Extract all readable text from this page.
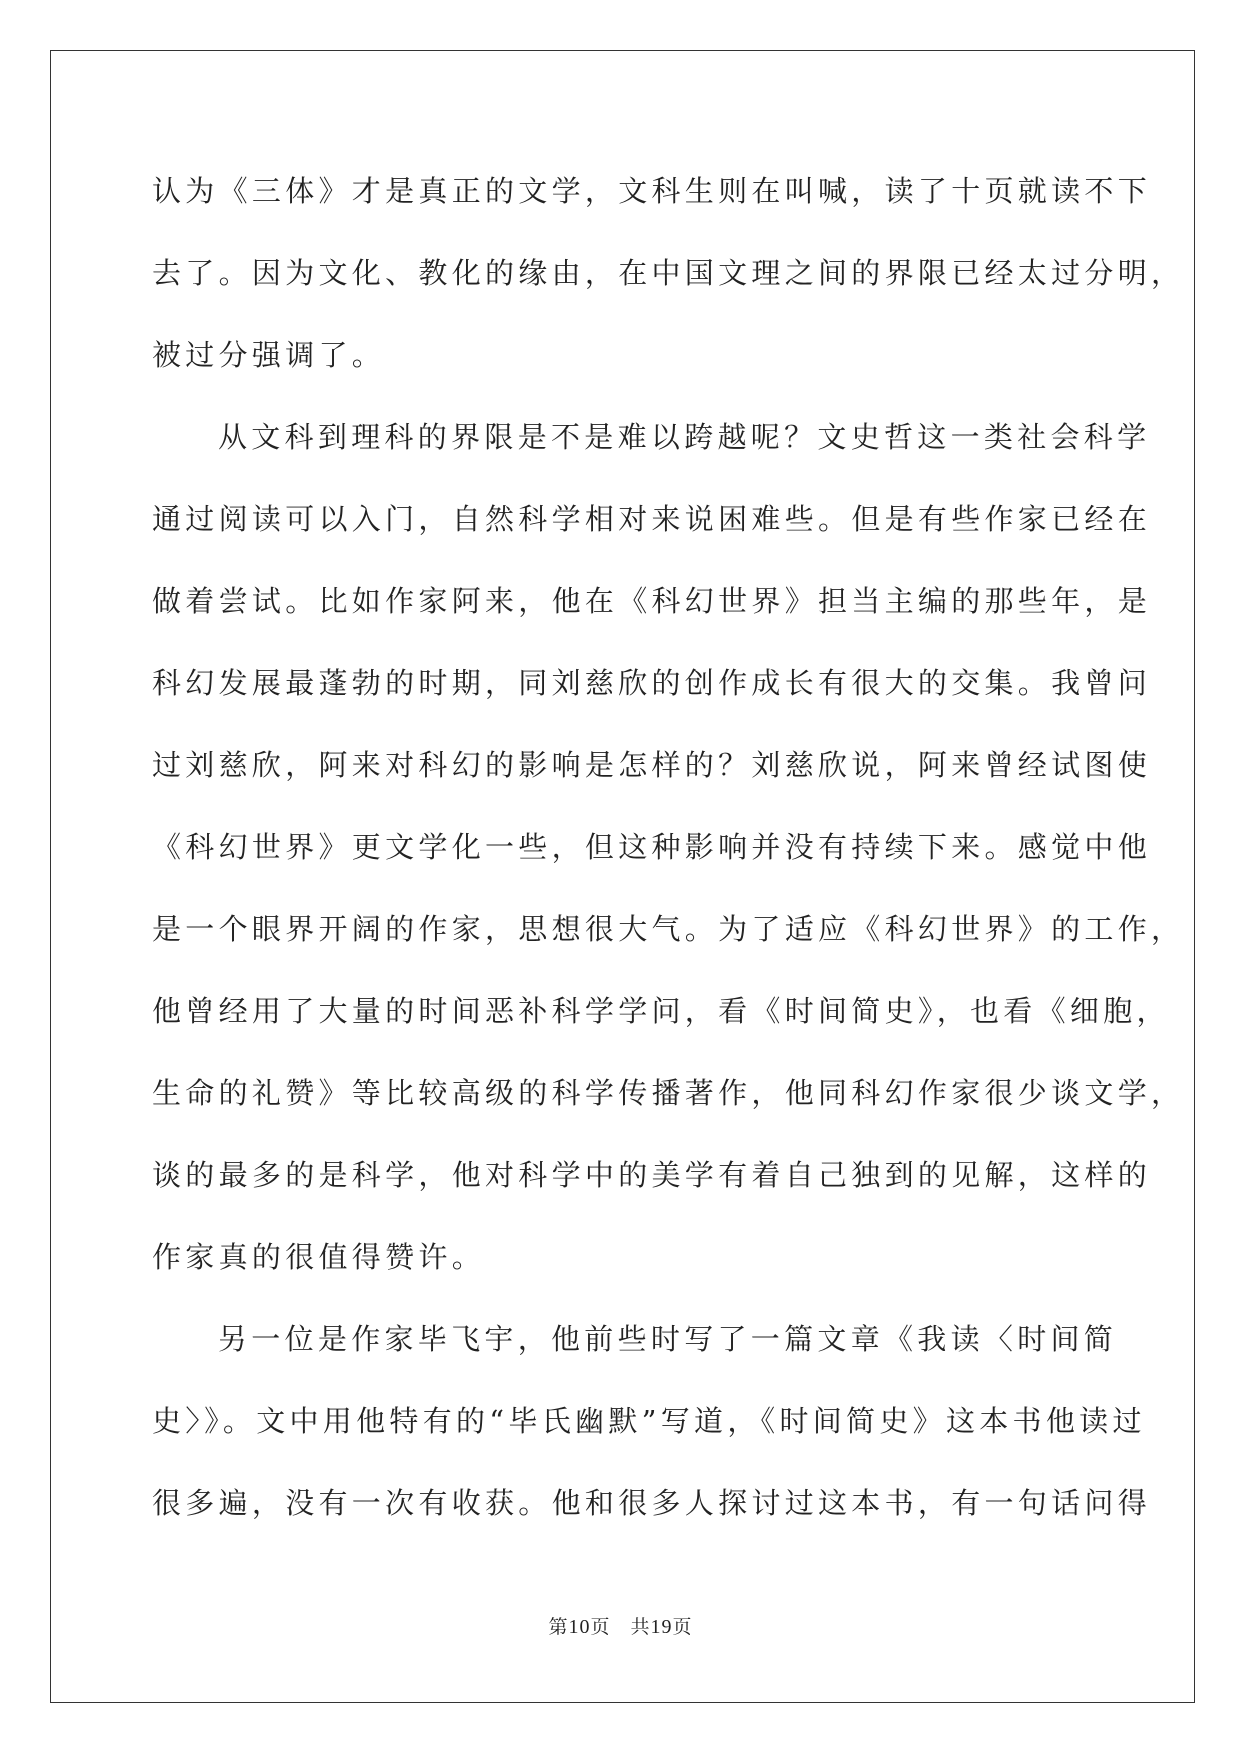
认为《三体》才是真正的文学，文科生则在叫喊，读了十页就读不下
去了。因为文化、教化的缘由，在中国文理之间的界限已经太过分明，
被过分强调了。
从文科到理科的界限是不是难以跨越呢？文史哲这一类社会科学
通过阅读可以入门，自然科学相对来说困难些。但是有些作家已经在
做着尝试。比如作家阿来，他在《科幻世界》担当主编的那些年，是
科幻发展最蓬勃的时期，同刘慈欣的创作成长有很大的交集。我曾问
过刘慈欣，阿来对科幻的影响是怎样的？刘慈欣说，阿来曾经试图使
《科幻世界》更文学化一些，但这种影响并没有持续下来。感觉中他
是一个眼界开阔的作家，思想很大气。为了适应《科幻世界》的工作，
他曾经用了大量的时间恶补科学学问，看《时间简史》，也看《细胞，
生命的礼赞》等比较高级的科学传播著作，他同科幻作家很少谈文学，
谈的最多的是科学，他对科学中的美学有着自己独到的见解，这样的
作家真的很值得赞许。
另一位是作家毕飞宇，他前些时写了一篇文章《我读〈时间简
史〉》。文中用他特有的“毕氏幽默”写道，《时间简史》这本书他读过
很多遍，没有一次有收获。他和很多人探讨过这本书，有一句话问得
第10页　共19页
